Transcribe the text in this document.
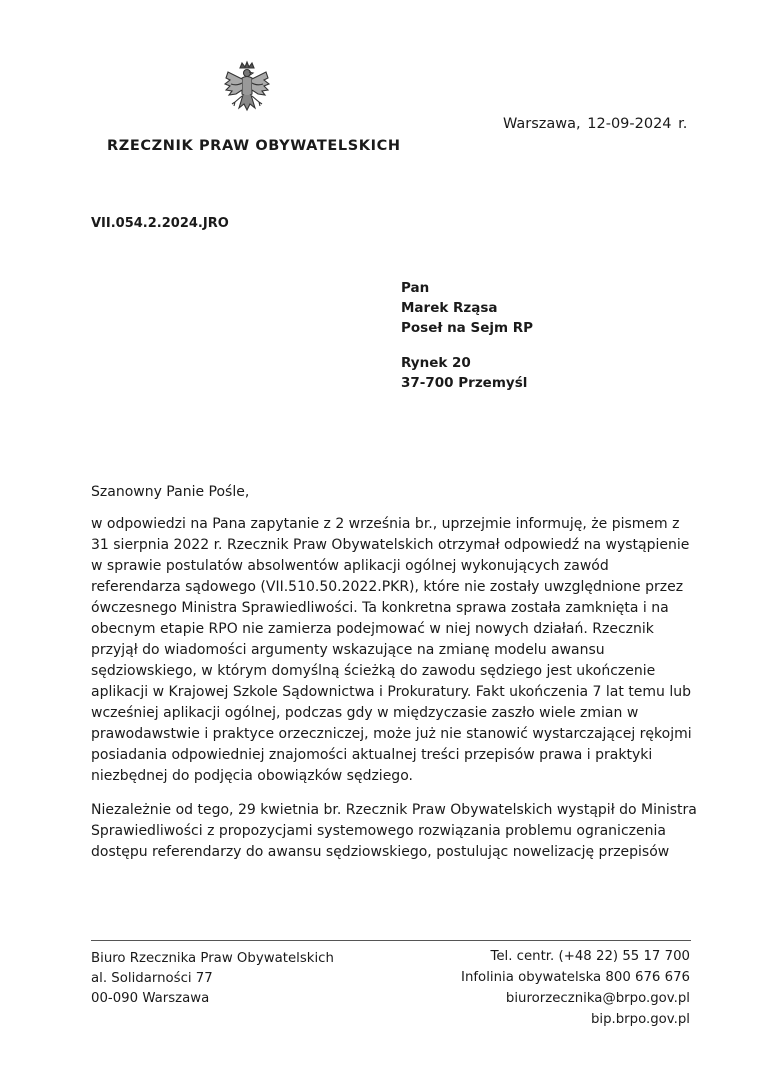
RZECZNIK PRAW OBYWATELSKICH
Warszawa, 12-09-2024 r.
VII.054.2.2024.JRO
Pan
Marek Rząsa
Poseł na Sejm RP
Rynek 20
37-700 Przemyśl
Szanowny Panie Pośle,

w odpowiedzi na Pana zapytanie z 2 września br., uprzejmie informuję, że pismem z 31 sierpnia 2022 r. Rzecznik Praw Obywatelskich otrzymał odpowiedź na wystąpienie w sprawie postulatów absolwentów aplikacji ogólnej wykonujących zawód referendarza sądowego (VII.510.50.2022.PKR), które nie zostały uwzględnione przez ówczesnego Ministra Sprawiedliwości. Ta konkretna sprawa została zamknięta i na obecnym etapie RPO nie zamierza podejmować w niej nowych działań. Rzecznik przyjął do wiadomości argumenty wskazujące na zmianę modelu awansu sędziowskiego, w którym domyślną ścieżką do zawodu sędziego jest ukończenie aplikacji w Krajowej Szkole Sądownictwa i Prokuratury. Fakt ukończenia 7 lat temu lub wcześniej aplikacji ogólnej, podczas gdy w międzyczasie zaszło wiele zmian w prawodawstwie i praktyce orzeczniczej, może już nie stanowić wystarczającej rękojmi posiadania odpowiedniej znajomości aktualnej treści przepisów prawa i praktyki niezbędnej do podjęcia obowiązków sędziego.

Niezależnie od tego, 29 kwietnia br. Rzecznik Praw Obywatelskich wystąpił do Ministra Sprawiedliwości z propozycjami systemowego rozwiązania problemu ograniczenia dostępu referendarzy do awansu sędziowskiego, postulując nowelizację przepisów

Biuro Rzecznika Praw Obywatelskich
al. Solidarności 77
00-090 Warszawa
Tel. centr. (+48 22) 55 17 700
Infolinia obywatelska 800 676 676
biurorzecznika@brpo.gov.pl
bip.brpo.gov.pl
